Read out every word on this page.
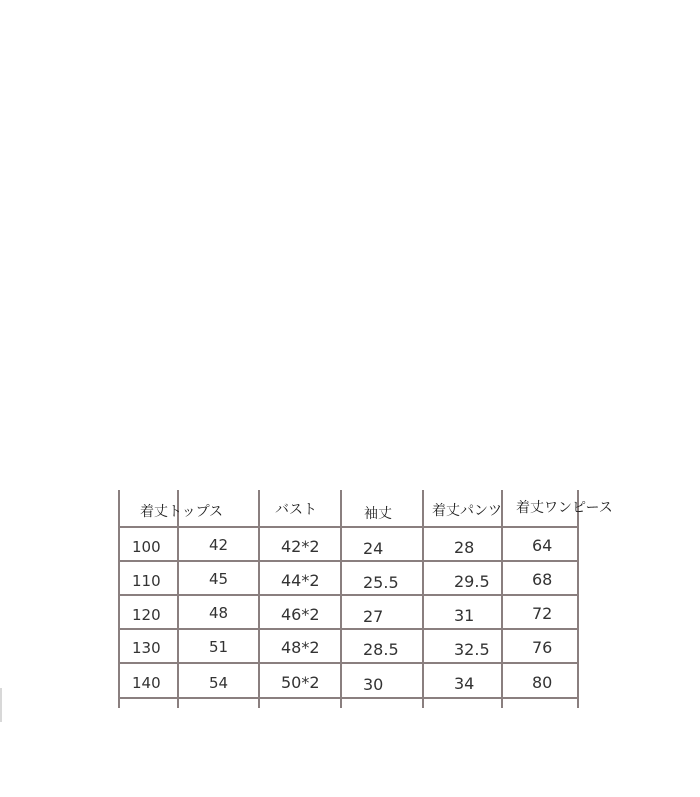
着丈トップス	バスト	袖丈	着丈パンツ 着丈ワンピース
100	42	42*2	24	28	64
110	45	44*2	25.5	29.5	68
120	48	46*2	27	31	72
130	51	48*2	28.5	32.5	76
140	54	50*2	30	34	80
